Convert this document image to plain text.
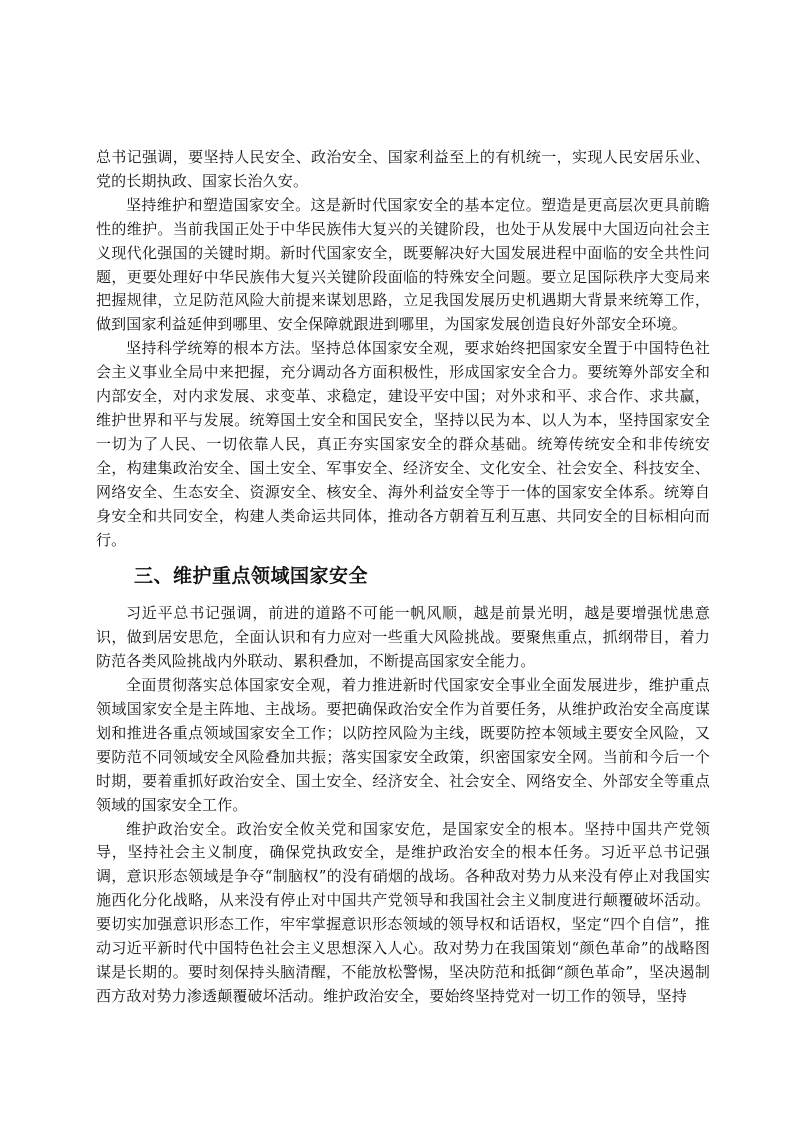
总书记强调，要坚持人民安全、政治安全、国家利益至上的有机统一，实现人民安居乐业、党的长期执政、国家长治久安。

坚持维护和塑造国家安全。这是新时代国家安全的基本定位。塑造是更高层次更具前瞻性的维护。当前我国正处于中华民族伟大复兴的关键阶段，也处于从发展中大国迈向社会主义现代化强国的关键时期。新时代国家安全，既要解决好大国发展进程中面临的安全共性问题，更要处理好中华民族伟大复兴关键阶段面临的特殊安全问题。要立足国际秩序大变局来把握规律，立足防范风险大前提来谋划思路，立足我国发展历史机遇期大背景来统筹工作，做到国家利益延伸到哪里、安全保障就跟进到哪里，为国家发展创造良好外部安全环境。

坚持科学统筹的根本方法。坚持总体国家安全观，要求始终把国家安全置于中国特色社会主义事业全局中来把握，充分调动各方面积极性，形成国家安全合力。要统筹外部安全和内部安全，对内求发展、求变革、求稳定，建设平安中国；对外求和平、求合作、求共赢，维护世界和平与发展。统筹国土安全和国民安全，坚持以民为本、以人为本，坚持国家安全一切为了人民、一切依靠人民，真正夯实国家安全的群众基础。统筹传统安全和非传统安全，构建集政治安全、国土安全、军事安全、经济安全、文化安全、社会安全、科技安全、网络安全、生态安全、资源安全、核安全、海外利益安全等于一体的国家安全体系。统筹自身安全和共同安全，构建人类命运共同体，推动各方朝着互利互惠、共同安全的目标相向而行。

三、维护重点领域国家安全

习近平总书记强调，前进的道路不可能一帆风顺，越是前景光明，越是要增强忧患意识，做到居安思危，全面认识和有力应对一些重大风险挑战。要聚焦重点，抓纲带目，着力防范各类风险挑战内外联动、累积叠加，不断提高国家安全能力。

全面贯彻落实总体国家安全观，着力推进新时代国家安全事业全面发展进步，维护重点领域国家安全是主阵地、主战场。要把确保政治安全作为首要任务，从维护政治安全高度谋划和推进各重点领域国家安全工作；以防控风险为主线，既要防控本领域主要安全风险，又要防范不同领域安全风险叠加共振；落实国家安全政策，织密国家安全网。当前和今后一个时期，要着重抓好政治安全、国土安全、经济安全、社会安全、网络安全、外部安全等重点领域的国家安全工作。

维护政治安全。政治安全攸关党和国家安危，是国家安全的根本。坚持中国共产党领导，坚持社会主义制度，确保党执政安全，是维护政治安全的根本任务。习近平总书记强调，意识形态领域是争夺“制脑权”的没有硝烟的战场。各种敌对势力从来没有停止对我国实施西化分化战略，从来没有停止对中国共产党领导和我国社会主义制度进行颠覆破坏活动。要切实加强意识形态工作，牢牢掌握意识形态领域的领导权和话语权，坚定“四个自信”，推动习近平新时代中国特色社会主义思想深入人心。敌对势力在我国策划“颜色革命”的战略图谋是长期的。要时刻保持头脑清醒，不能放松警惕，坚决防范和抵御“颜色革命”，坚决遏制西方敌对势力渗透颠覆破坏活动。维护政治安全，要始终坚持党对一切工作的领导，坚持
